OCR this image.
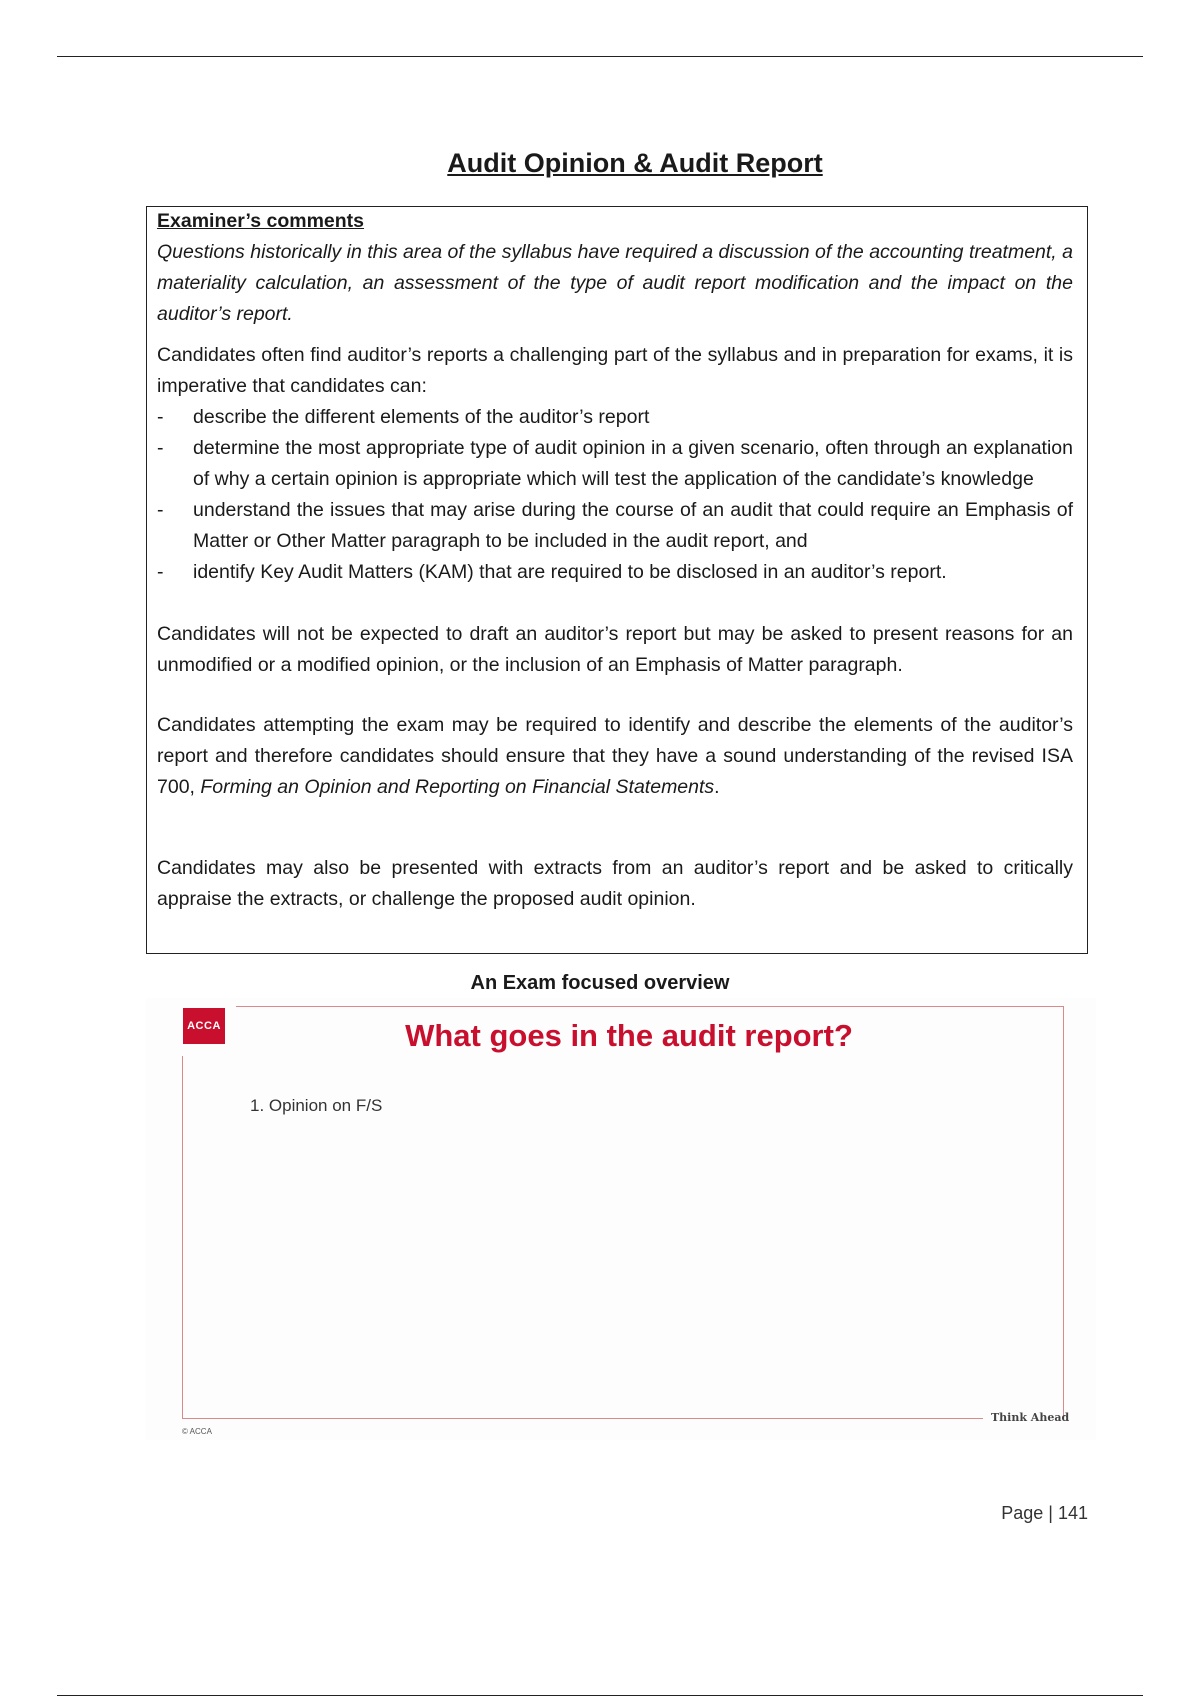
Audit Opinion & Audit Report
Examiner’s comments

Questions historically in this area of the syllabus have required a discussion of the accounting treatment, a materiality calculation, an assessment of the type of audit report modification and the impact on the auditor’s report.

Candidates often find auditor’s reports a challenging part of the syllabus and in preparation for exams, it is imperative that candidates can:

- describe the different elements of the auditor’s report
- determine the most appropriate type of audit opinion in a given scenario, often through an explanation of why a certain opinion is appropriate which will test the application of the candidate’s knowledge
- understand the issues that may arise during the course of an audit that could require an Emphasis of Matter or Other Matter paragraph to be included in the audit report, and
- identify Key Audit Matters (KAM) that are required to be disclosed in an auditor’s report.

Candidates will not be expected to draft an auditor’s report but may be asked to present reasons for an unmodified or a modified opinion, or the inclusion of an Emphasis of Matter paragraph.

Candidates attempting the exam may be required to identify and describe the elements of the auditor’s report and therefore candidates should ensure that they have a sound understanding of the revised ISA 700, Forming an Opinion and Reporting on Financial Statements.

Candidates may also be presented with extracts from an auditor’s report and be asked to critically appraise the extracts, or challenge the proposed audit opinion.

An Exam focused overview
ACCA	What goes in the audit report?
1. Opinion on F/S
Think Ahead
© ACCA
Page | 141
